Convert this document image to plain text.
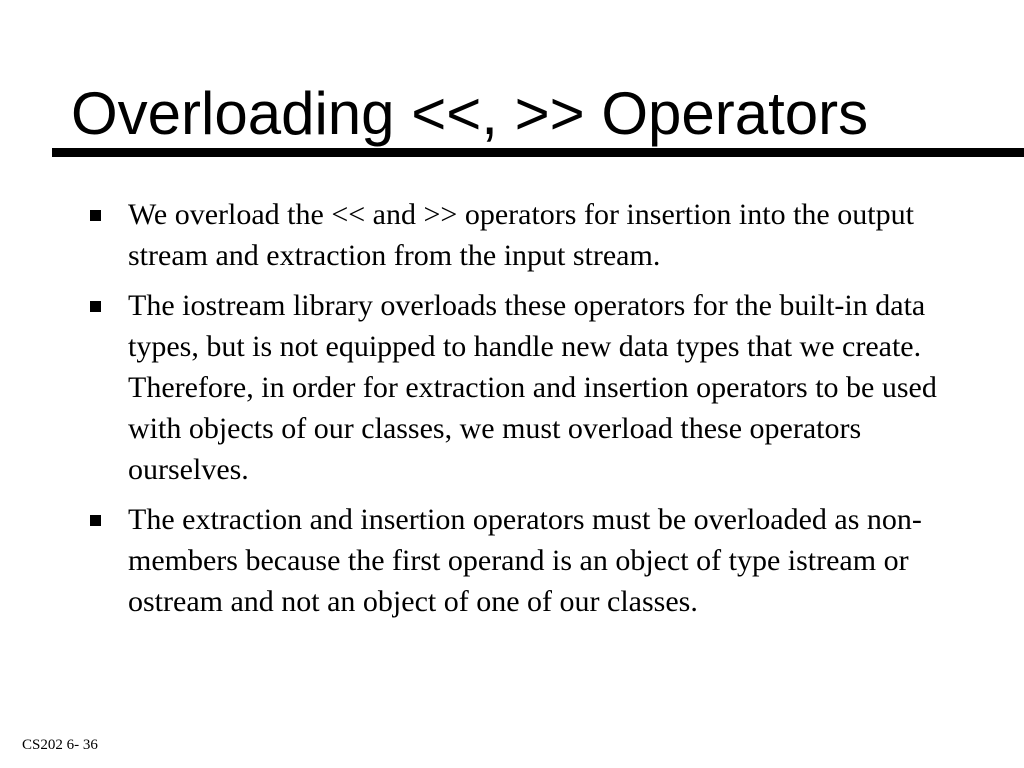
Overloading <<, >> Operators
We overload the << and >> operators for insertion into the output stream and extraction from the input stream.
The iostream library overloads these operators for the built-in data types, but is not equipped to handle new data types that we create. Therefore, in order for extraction and insertion operators to be used with objects of our classes, we must overload these operators ourselves.
The extraction and insertion operators must be overloaded as non-members because the first operand is an object of type istream or ostream and not an object of one of our classes.
CS202 6- 36
